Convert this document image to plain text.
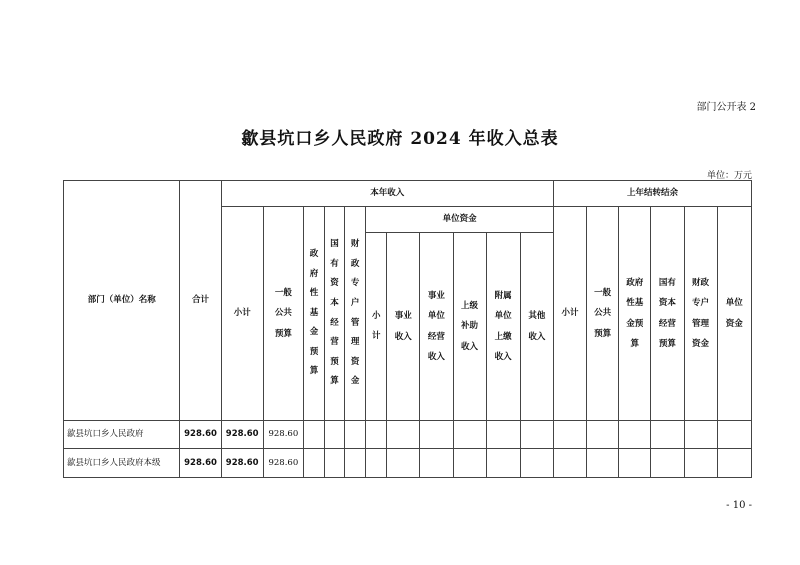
部门公开表 2
歙县坑口乡人民政府 2024 年收入总表
单位：万元
部门（单位）名称	合计	本年收入											上年结转结余					
		小计	一般公共预算	政府性基金预算	国有资本经营预算	财政专户管理资金	单位资金						小计	一般公共预算	政府性基金预算	国有资本经营预算	财政专户管理资金	单位资金

							小计	事业收入	事业单位经营收入	上级补助收入	附属单位上缴收入	其他收入						

歙县坑口乡人民政府	928.60	928.60	928.60															
歙县坑口乡人民政府本级	928.60	928.60	928.60															
- 10 -
